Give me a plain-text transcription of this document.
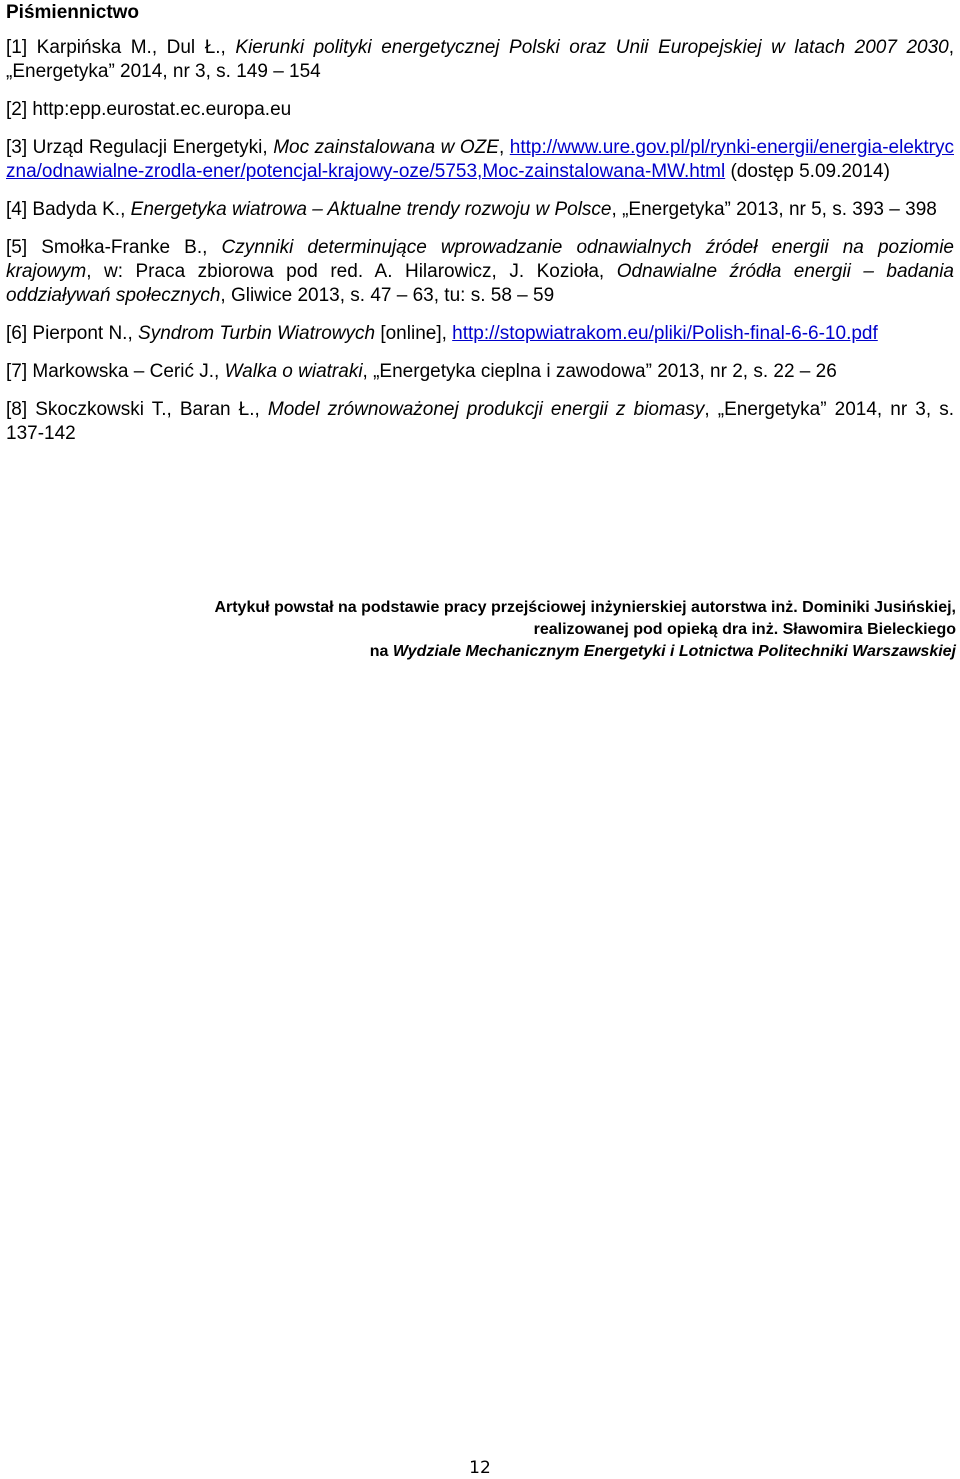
Piśmiennictwo

[1] Karpińska M., Dul Ł., Kierunki polityki energetycznej Polski oraz Unii Europejskiej w latach 2007 2030, „Energetyka” 2014, nr 3, s. 149 – 154

[2] http:epp.eurostat.ec.europa.eu

[3] Urząd Regulacji Energetyki, Moc zainstalowana w OZE, http://www.ure.gov.pl/pl/rynki-energii/energia-elektryczna/odnawialne-zrodla-ener/potencjal-krajowy-oze/5753,Moc-zainstalowana-MW.html (dostęp 5.09.2014)

[4] Badyda K., Energetyka wiatrowa – Aktualne trendy rozwoju w Polsce, „Energetyka” 2013, nr 5, s. 393 – 398

[5] Smołka-Franke B., Czynniki determinujące wprowadzanie odnawialnych źródeł energii na poziomie krajowym, w: Praca zbiorowa pod red. A. Hilarowicz, J. Kozioła, Odnawialne źródła energii – badania oddziaływań społecznych, Gliwice 2013, s. 47 – 63, tu: s. 58 – 59

[6] Pierpont N., Syndrom Turbin Wiatrowych [online], http://stopwiatrakom.eu/pliki/Polish-final-6-6-10.pdf

[7] Markowska – Cerić J., Walka o wiatraki, „Energetyka cieplna i zawodowa” 2013, nr 2, s. 22 – 26

[8] Skoczkowski T., Baran Ł., Model zrównoważonej produkcji energii z biomasy, „Energetyka” 2014, nr 3, s. 137-142

Artykuł powstał na podstawie pracy przejściowej inżynierskiej autorstwa inż. Dominiki Jusińskiej,
realizowanej pod opieką dra inż. Sławomira Bieleckiego
na Wydziale Mechanicznym Energetyki i Lotnictwa Politechniki Warszawskiej
12
